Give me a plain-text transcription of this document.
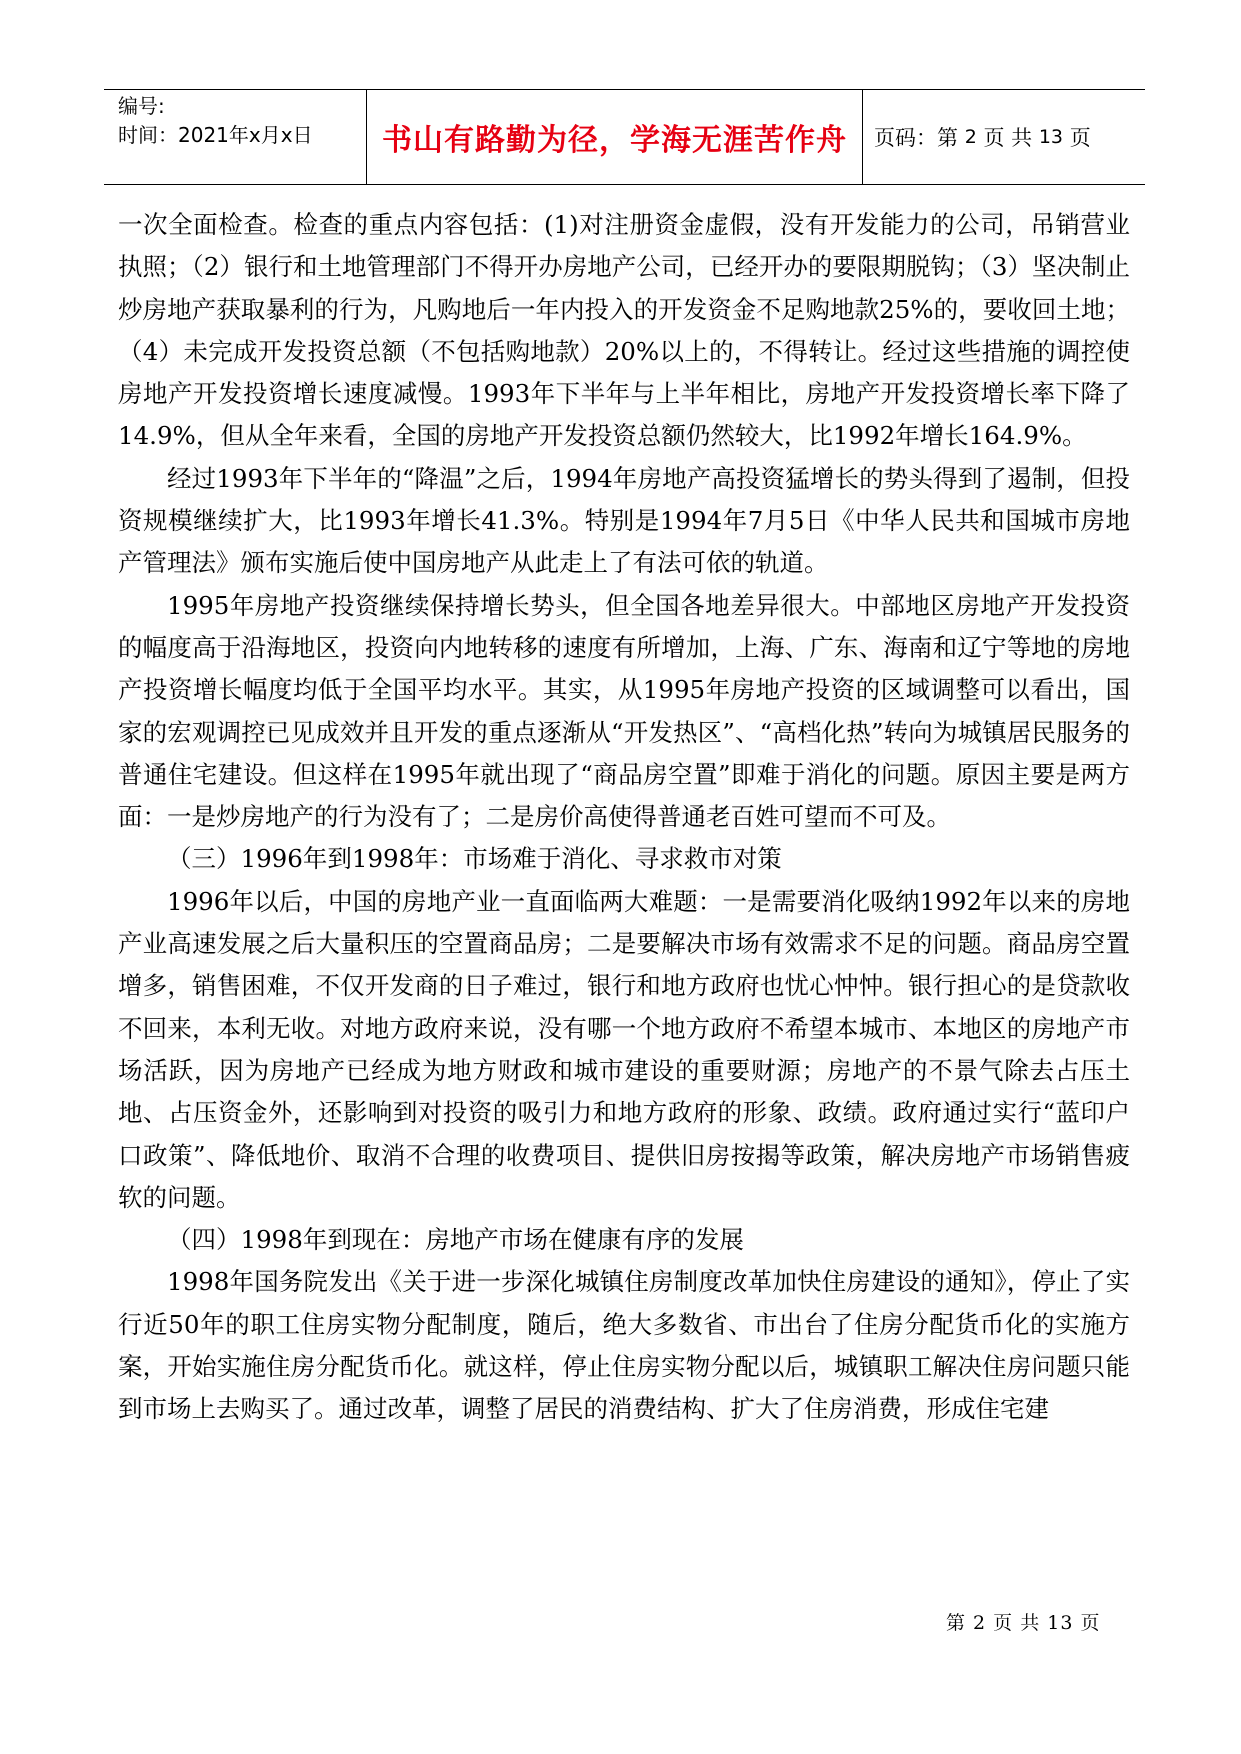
编号:
时间：2021年x月x日	书山有路勤为径，学海无涯苦作舟	页码：第
2
页 共
13
页

一次全面检查。检查的重点内容包括：(1)对注册资金虚假，没有开发能力的公司，吊销营业执照；（2）银行和土地管理部门不得开办房地产公司，已经开办的要限期脱钩；（3）坚决制止炒房地产获取暴利的行为，凡购地后一年内投入的开发资金不足购地款25%的，要收回土地；（4）未完成开发投资总额（不包括购地款）20%以上的，不得转让。经过这些措施的调控使房地产开发投资增长速度减慢。1993年下半年与上半年相比，房地产开发投资增长率下降了14.9%，但从全年来看，全国的房地产开发投资总额仍然较大，比1992年增长164.9%。

经过1993年下半年的“降温”之后，1994年房地产高投资猛增长的势头得到了遏制，但投资规模继续扩大，比1993年增长41.3%。特别是1994年7月5日《中华人民共和国城市房地产管理法》颁布实施后使中国房地产从此走上了有法可依的轨道。

1995年房地产投资继续保持增长势头，但全国各地差异很大。中部地区房地产开发投资的幅度高于沿海地区，投资向内地转移的速度有所增加，上海、广东、海南和辽宁等地的房地产投资增长幅度均低于全国平均水平。其实，从1995年房地产投资的区域调整可以看出，国家的宏观调控已见成效并且开发的重点逐渐从“开发热区”、“高档化热”转向为城镇居民服务的普通住宅建设。但这样在1995年就出现了“商品房空置”即难于消化的问题。原因主要是两方面：一是炒房地产的行为没有了；二是房价高使得普通老百姓可望而不可及。

（三）1996年到1998年：市场难于消化、寻求救市对策

1996年以后，中国的房地产业一直面临两大难题：一是需要消化吸纳1992年以来的房地产业高速发展之后大量积压的空置商品房；二是要解决市场有效需求不足的问题。商品房空置增多，销售困难，不仅开发商的日子难过，银行和地方政府也忧心忡忡。银行担心的是贷款收不回来，本利无收。对地方政府来说，没有哪一个地方政府不希望本城市、本地区的房地产市场活跃，因为房地产已经成为地方财政和城市建设的重要财源；房地产的不景气除去占压土地、占压资金外，还影响到对投资的吸引力和地方政府的形象、政绩。政府通过实行“蓝印户口政策”、降低地价、取消不合理的收费项目、提供旧房按揭等政策，解决房地产市场销售疲软的问题。

（四）1998年到现在：房地产市场在健康有序的发展

1998年国务院发出《关于进一步深化城镇住房制度改革加快住房建设的通知》，停止了实行近50年的职工住房实物分配制度，随后，绝大多数省、市出台了住房分配货币化的实施方案，开始实施住房分配货币化。就这样，停止住房实物分配以后，城镇职工解决住房问题只能到市场上去购买了。通过改革，调整了居民的消费结构、扩大了住房消费，形成住宅建

第 2 页 共 13 页
